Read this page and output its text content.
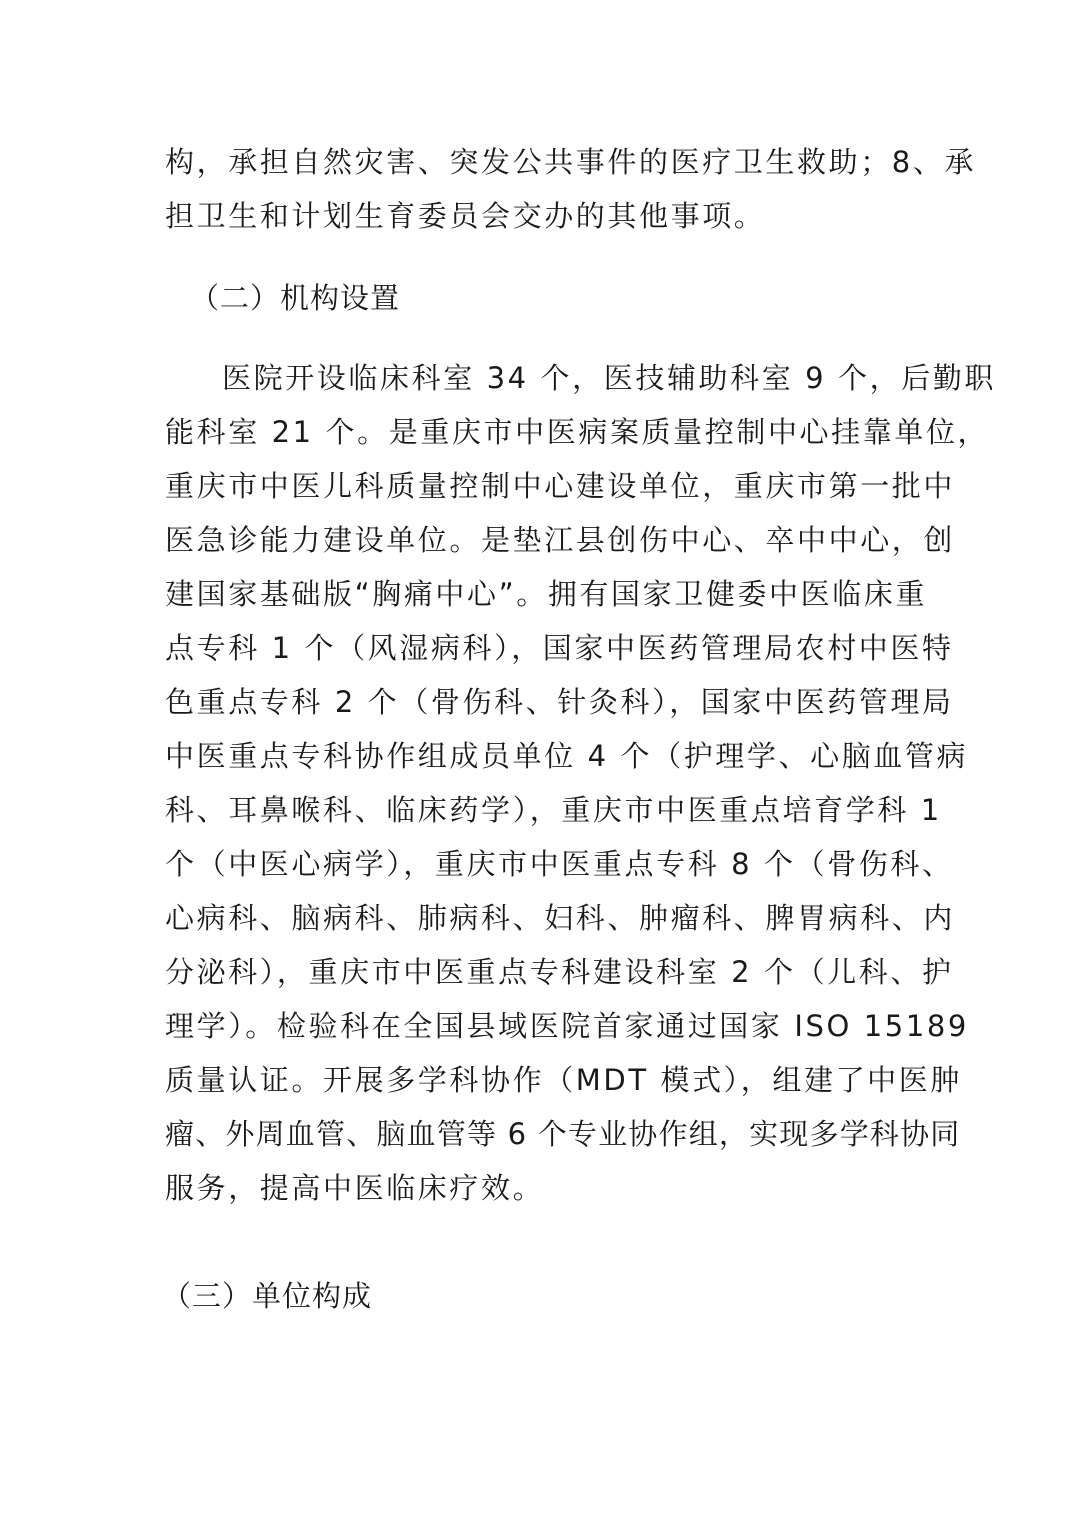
构，承担自然灾害、突发公共事件的医疗卫生救助；8、承
担卫生和计划生育委员会交办的其他事项。
（二）机构设置
医院开设临床科室 34 个，医技辅助科室 9 个，后勤职
能科室 21 个。是重庆市中医病案质量控制中心挂靠单位，
重庆市中医儿科质量控制中心建设单位，重庆市第一批中
医急诊能力建设单位。是垫江县创伤中心、卒中中心，创
建国家基础版“胸痛中心”。拥有国家卫健委中医临床重
点专科 1 个（风湿病科），国家中医药管理局农村中医特
色重点专科 2 个（骨伤科、针灸科），国家中医药管理局
中医重点专科协作组成员单位 4 个（护理学、心脑血管病
科、耳鼻喉科、临床药学），重庆市中医重点培育学科 1
个（中医心病学），重庆市中医重点专科 8 个（骨伤科、
心病科、脑病科、肺病科、妇科、肿瘤科、脾胃病科、内
分泌科），重庆市中医重点专科建设科室 2 个（儿科、护
理学）。检验科在全国县域医院首家通过国家 ISO 15189
质量认证。开展多学科协作（MDT 模式），组建了中医肿
瘤、外周血管、脑血管等 6 个专业协作组，实现多学科协同
服务，提高中医临床疗效。
（三）单位构成
